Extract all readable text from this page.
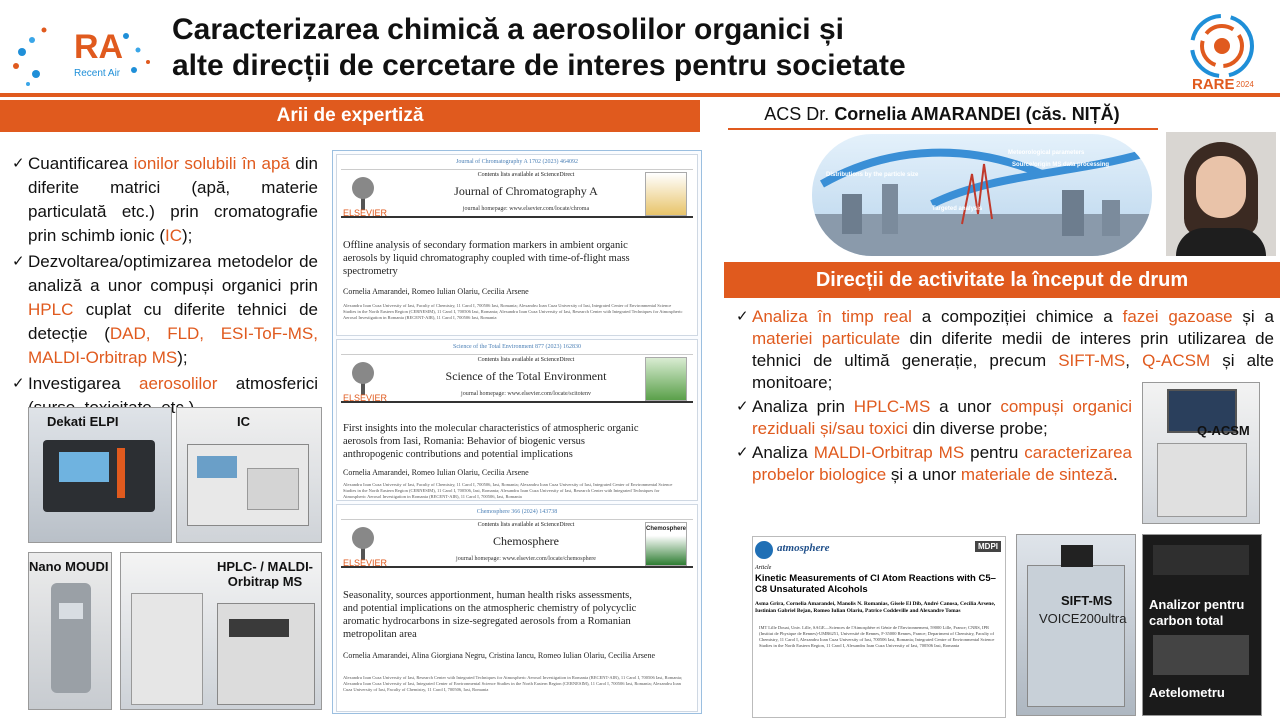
RA
Recent Air
Caracterizarea chimică a aerosolilor organici și
alte direcții de cercetare de interes pentru societate
RARE 2024
Arii de expertiză
✓ Cuantificarea ionilor solubili în apă din diferite matrici (apă, materie particulată etc.) prin cromatografie prin schimb ionic (IC);
✓ Dezvoltarea/optimizarea metodelor de analiză a unor compuși organici prin HPLC cuplat cu diferite tehnici de detecție (DAD, FLD, ESI-ToF-MS, MALDI-Orbitrap MS);
✓ Investigarea aerosolilor atmosferici
Dekati ELPI	IC
Nano MOUDI	HPLC- / MALDI-Orbitrap MS
Journal of Chromatography A 1702 (2023) 464092
ELSEVIER
Contents lists available at ScienceDirect
Journal of Chromatography A
journal homepage: www.elsevier.com/locate/chroma
Offline analysis of secondary formation markers in ambient organic aerosols by liquid chromatography coupled with time-of-flight mass spectrometry
Cornelia Amarandei, Romeo Iulian Olariu, Cecilia Arsene
Alexandru Ioan Cuza University of Iasi, Faculty of Chemistry, 11 Carol I, 700506 Iasi, Romania; Alexandru Ioan Cuza University of Iasi, Integrated Center of Environmental Science Studies in the North Eastern Region (CERNESIM), 11 Carol I, 700506 Iasi, Romania; Alexandru Ioan Cuza University of Iasi, Research Center with Integrated Techniques for Atmospheric Aerosol Investigation in Romania (RECENT-AIR), 11 Carol I, 700506 Iasi, Romania
Science of the Total Environment 877 (2023) 162830
ELSEVIER
Contents lists available at ScienceDirect
Science of the Total Environment
journal homepage: www.elsevier.com/locate/scitotenv
First insights into the molecular characteristics of atmospheric organic aerosols from Iasi, Romania: Behavior of biogenic versus anthropogenic contributions and potential implications
Cornelia Amarandei, Romeo Iulian Olariu, Cecilia Arsene
Alexandru Ioan Cuza University of Iasi, Faculty of Chemistry, 11 Carol I, 700506, Iasi, Romania; Alexandru Ioan Cuza University of Iasi, Integrated Center of Environmental Science Studies in the North Eastern Region (CERNESIM), 11 Carol I, 700506, Iasi, Romania; Alexandru Ioan Cuza University of Iasi, Research Center with Integrated Techniques for Atmospheric Aerosol Investigation in Romania (RECENT-AIR), 11 Carol I, 700506, Iasi, Romania
Chemosphere 366 (2024) 143738
ELSEVIER
Contents lists available at ScienceDirect
Chemosphere
journal homepage: www.elsevier.com/locate/chemosphere
Chemosphere
Seasonality, sources apportionment, human health risks assessments, and potential implications on the atmospheric chemistry of polycyclic aromatic hydrocarbons in size-segregated aerosols from a Romanian metropolitan area
Cornelia Amarandei, Alina Giorgiana Negru, Cristina Iancu, Romeo Iulian Olariu, Cecilia Arsene
Alexandru Ioan Cuza University of Iasi, Research Center with Integrated Techniques for Atmospheric Aerosol Investigation in Romania (RECENT-AIR), 11 Carol I, 700506 Iasi, Romania; Alexandru Ioan Cuza University of Iasi, Integrated Center of Environmental Science Studies in the North Eastern Region (CERNESIM), 11 Carol I, 700506 Iasi, Romania; Alexandru Ioan Cuza University of Iasi, Faculty of Chemistry, 11 Carol I, 700506, Iasi, Romania
ACS Dr. Cornelia AMARANDEI (căs. NIȚĂ)
Distributions by the particle size
Meteorological parameters
Source/origin MS data processing
Targeted analysis
Direcții de activitate la început de drum
✓ Analiza în timp real a compoziției chimice a fazei gazoase și a materiei particulate din diferite medii de interes prin utilizarea de tehnici de ultimă generație, precum SIFT-MS, Q-ACSM și alte monitoare;
✓ Analiza prin HPLC-MS a unor compuși organici reziduali și/sau toxici din diverse probe;
✓ Analiza MALDI-Orbitrap MS pentru caracterizarea probelor biologice și a unor materiale de sinteză.
Q-ACSM
SIFT-MS
VOICE200ultra
Analizor pentru carbon total
Aetelometru
atmosphere	MDPI
Article
Kinetic Measurements of Cl Atom Reactions with C5–C8 Unsaturated Alcohols
Asma Grira, Cornelia Amarandei, Manolis N. Romanias, Gisele El Dib, André Canosa, Cecilia Arsene, Iustinian Gabriel Bejan, Romeo Iulian Olariu, Patrice Coddeville and Alexandre Tomas
IMT Lille Douai, Univ. Lille, SAGE—Sciences de l'Atmosphère et Génie de l'Environnement, 59000 Lille, France; CNRS, IPR (Institut de Physique de Rennes)-UMR6251, Université de Rennes, F-35000 Rennes, France; Department of Chemistry, Faculty of Chemistry, 11 Carol I, Alexandru Ioan Cuza University of Iasi, 700506 Iasi, Romania; Integrated Centre of Environmental Science Studies in the North Eastern Region, 11 Carol I, Alexandru Ioan Cuza University of Iasi, 700506 Iasi, Romania
